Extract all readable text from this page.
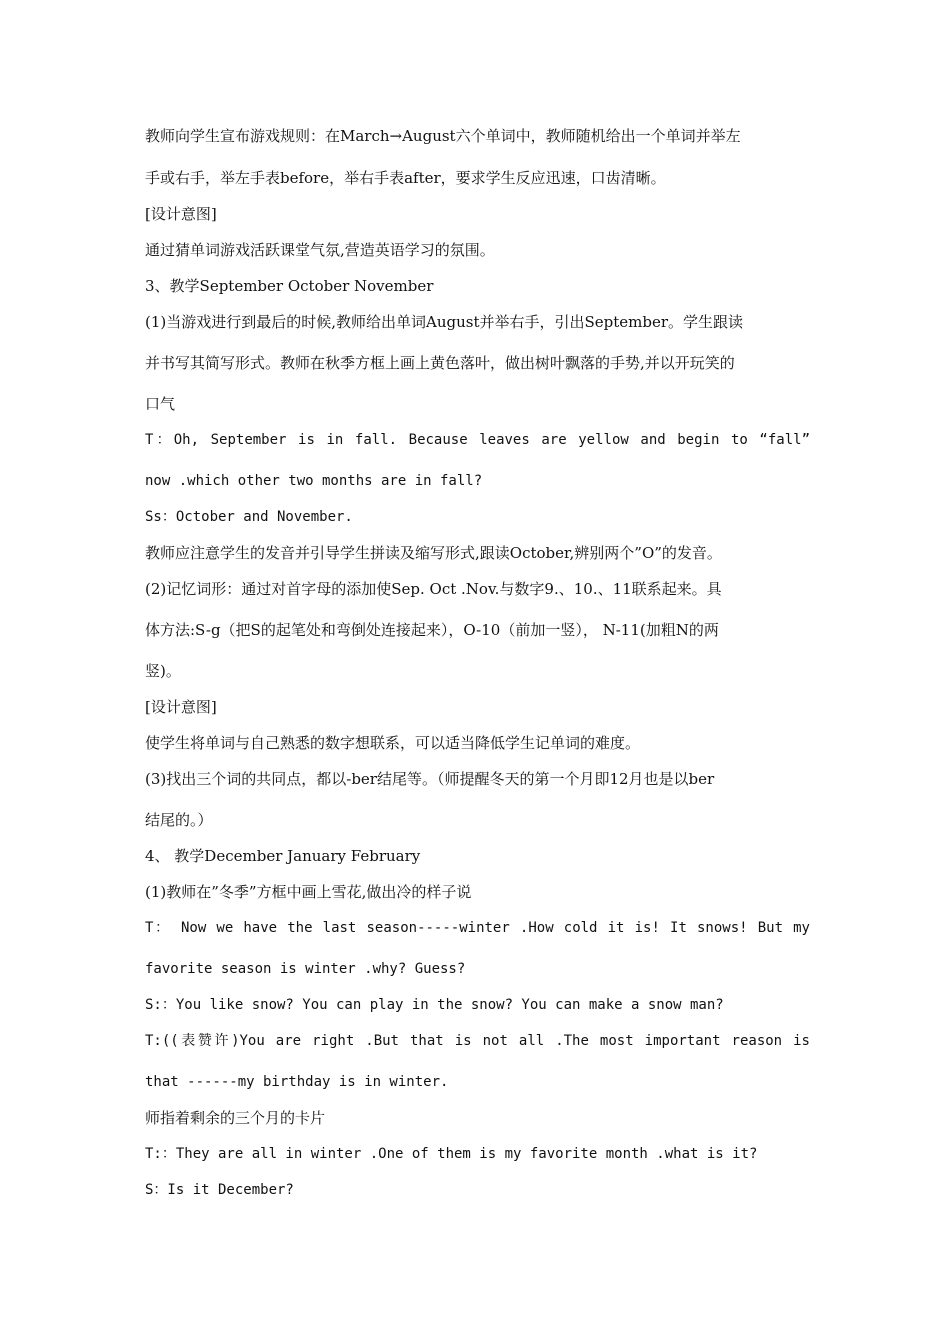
教师向学生宣布游戏规则：在March→August六个单词中，教师随机给出一个单词并举左
手或右手，举左手表before，举右手表after，要求学生反应迅速，口齿清晰。
[设计意图]
通过猜单词游戏活跃课堂气氛,营造英语学习的氛围。
3、教学September October November
(1)当游戏进行到最后的时候,教师给出单词August并举右手，引出September。学生跟读
并书写其简写形式。教师在秋季方框上画上黄色落叶，做出树叶飘落的手势,并以开玩笑的
口气
T：Oh, September is in fall. Because leaves are yellow and begin to “fall”
now .which other two months are in fall?
Ss：October and November.
教师应注意学生的发音并引导学生拼读及缩写形式,跟读October,辨别两个”O”的发音。
(2)记忆词形：通过对首字母的添加使Sep. Oct .Nov.与数字9.、10.、11联系起来。具
体方法:S-g（把S的起笔处和弯倒处连接起来），O-10（前加一竖）， N-11(加粗N的两
竖)。
[设计意图]
使学生将单词与自己熟悉的数字想联系，可以适当降低学生记单词的难度。
(3)找出三个词的共同点，都以-ber结尾等。（师提醒冬天的第一个月即12月也是以ber
结尾的。）
4、 教学December January February
(1)教师在”冬季”方框中画上雪花,做出冷的样子说
T： Now we have the last season-----winter .How cold it is! It snows! But my
favorite season is winter .why? Guess?
S:：You like snow? You can play in the snow? You can make a snow man?
T:((表赞许)You are right .But that is not all .The most important reason is
that ------my birthday is in winter.
师指着剩余的三个月的卡片
T:：They are all in winter .One of them is my favorite month .what is it?
S：Is it December?
